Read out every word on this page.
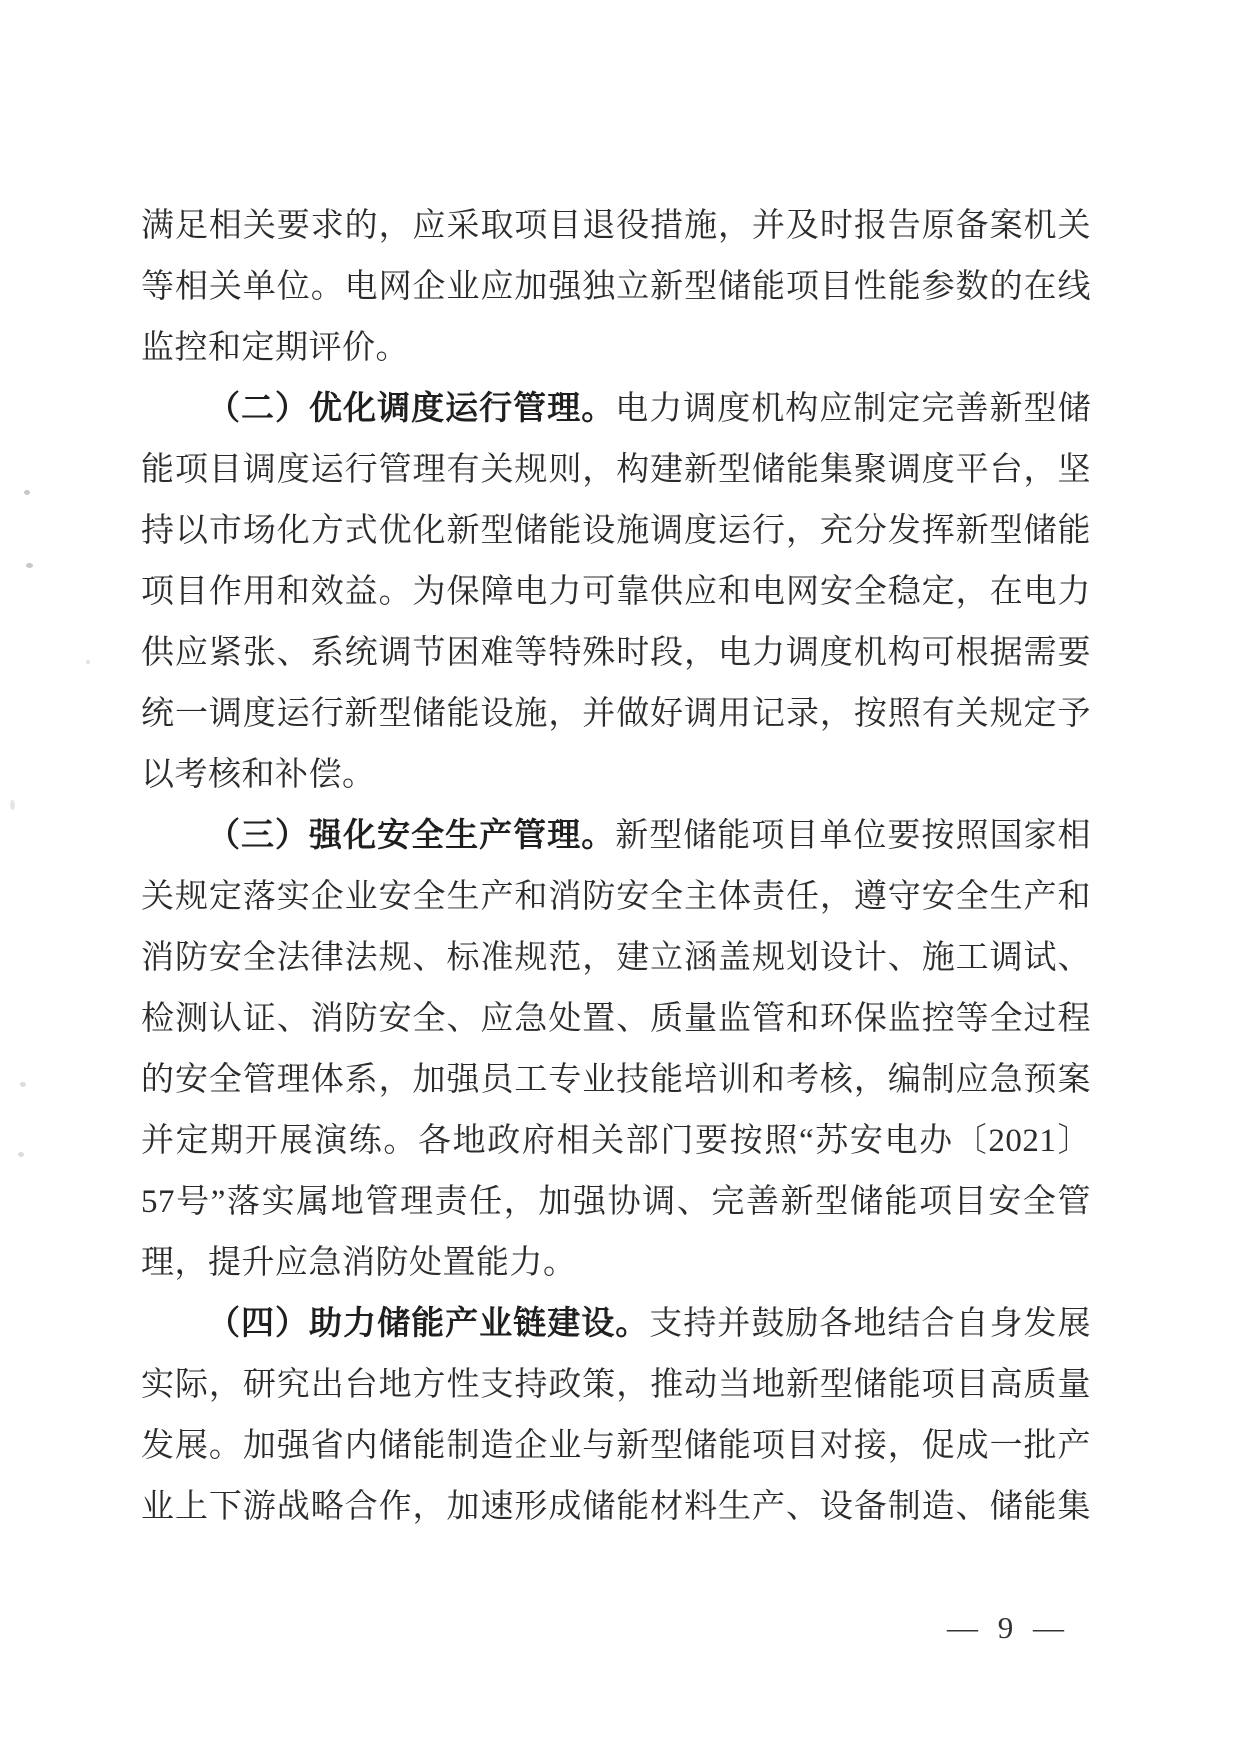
满足相关要求的，应采取项目退役措施，并及时报告原备案机关
等相关单位。电网企业应加强独立新型储能项目性能参数的在线
监控和定期评价。
（二）优化调度运行管理。电力调度机构应制定完善新型储
能项目调度运行管理有关规则，构建新型储能集聚调度平台，坚
持以市场化方式优化新型储能设施调度运行，充分发挥新型储能
项目作用和效益。为保障电力可靠供应和电网安全稳定，在电力
供应紧张、系统调节困难等特殊时段，电力调度机构可根据需要
统一调度运行新型储能设施，并做好调用记录，按照有关规定予
以考核和补偿。
（三）强化安全生产管理。新型储能项目单位要按照国家相
关规定落实企业安全生产和消防安全主体责任，遵守安全生产和
消防安全法律法规、标准规范，建立涵盖规划设计、施工调试、
检测认证、消防安全、应急处置、质量监管和环保监控等全过程
的安全管理体系，加强员工专业技能培训和考核，编制应急预案
并定期开展演练。各地政府相关部门要按照“苏安电办〔2021〕
57号”落实属地管理责任，加强协调、完善新型储能项目安全管
理，提升应急消防处置能力。
（四）助力储能产业链建设。支持并鼓励各地结合自身发展
实际，研究出台地方性支持政策，推动当地新型储能项目高质量
发展。加强省内储能制造企业与新型储能项目对接，促成一批产
业上下游战略合作，加速形成储能材料生产、设备制造、储能集
— 9 —
